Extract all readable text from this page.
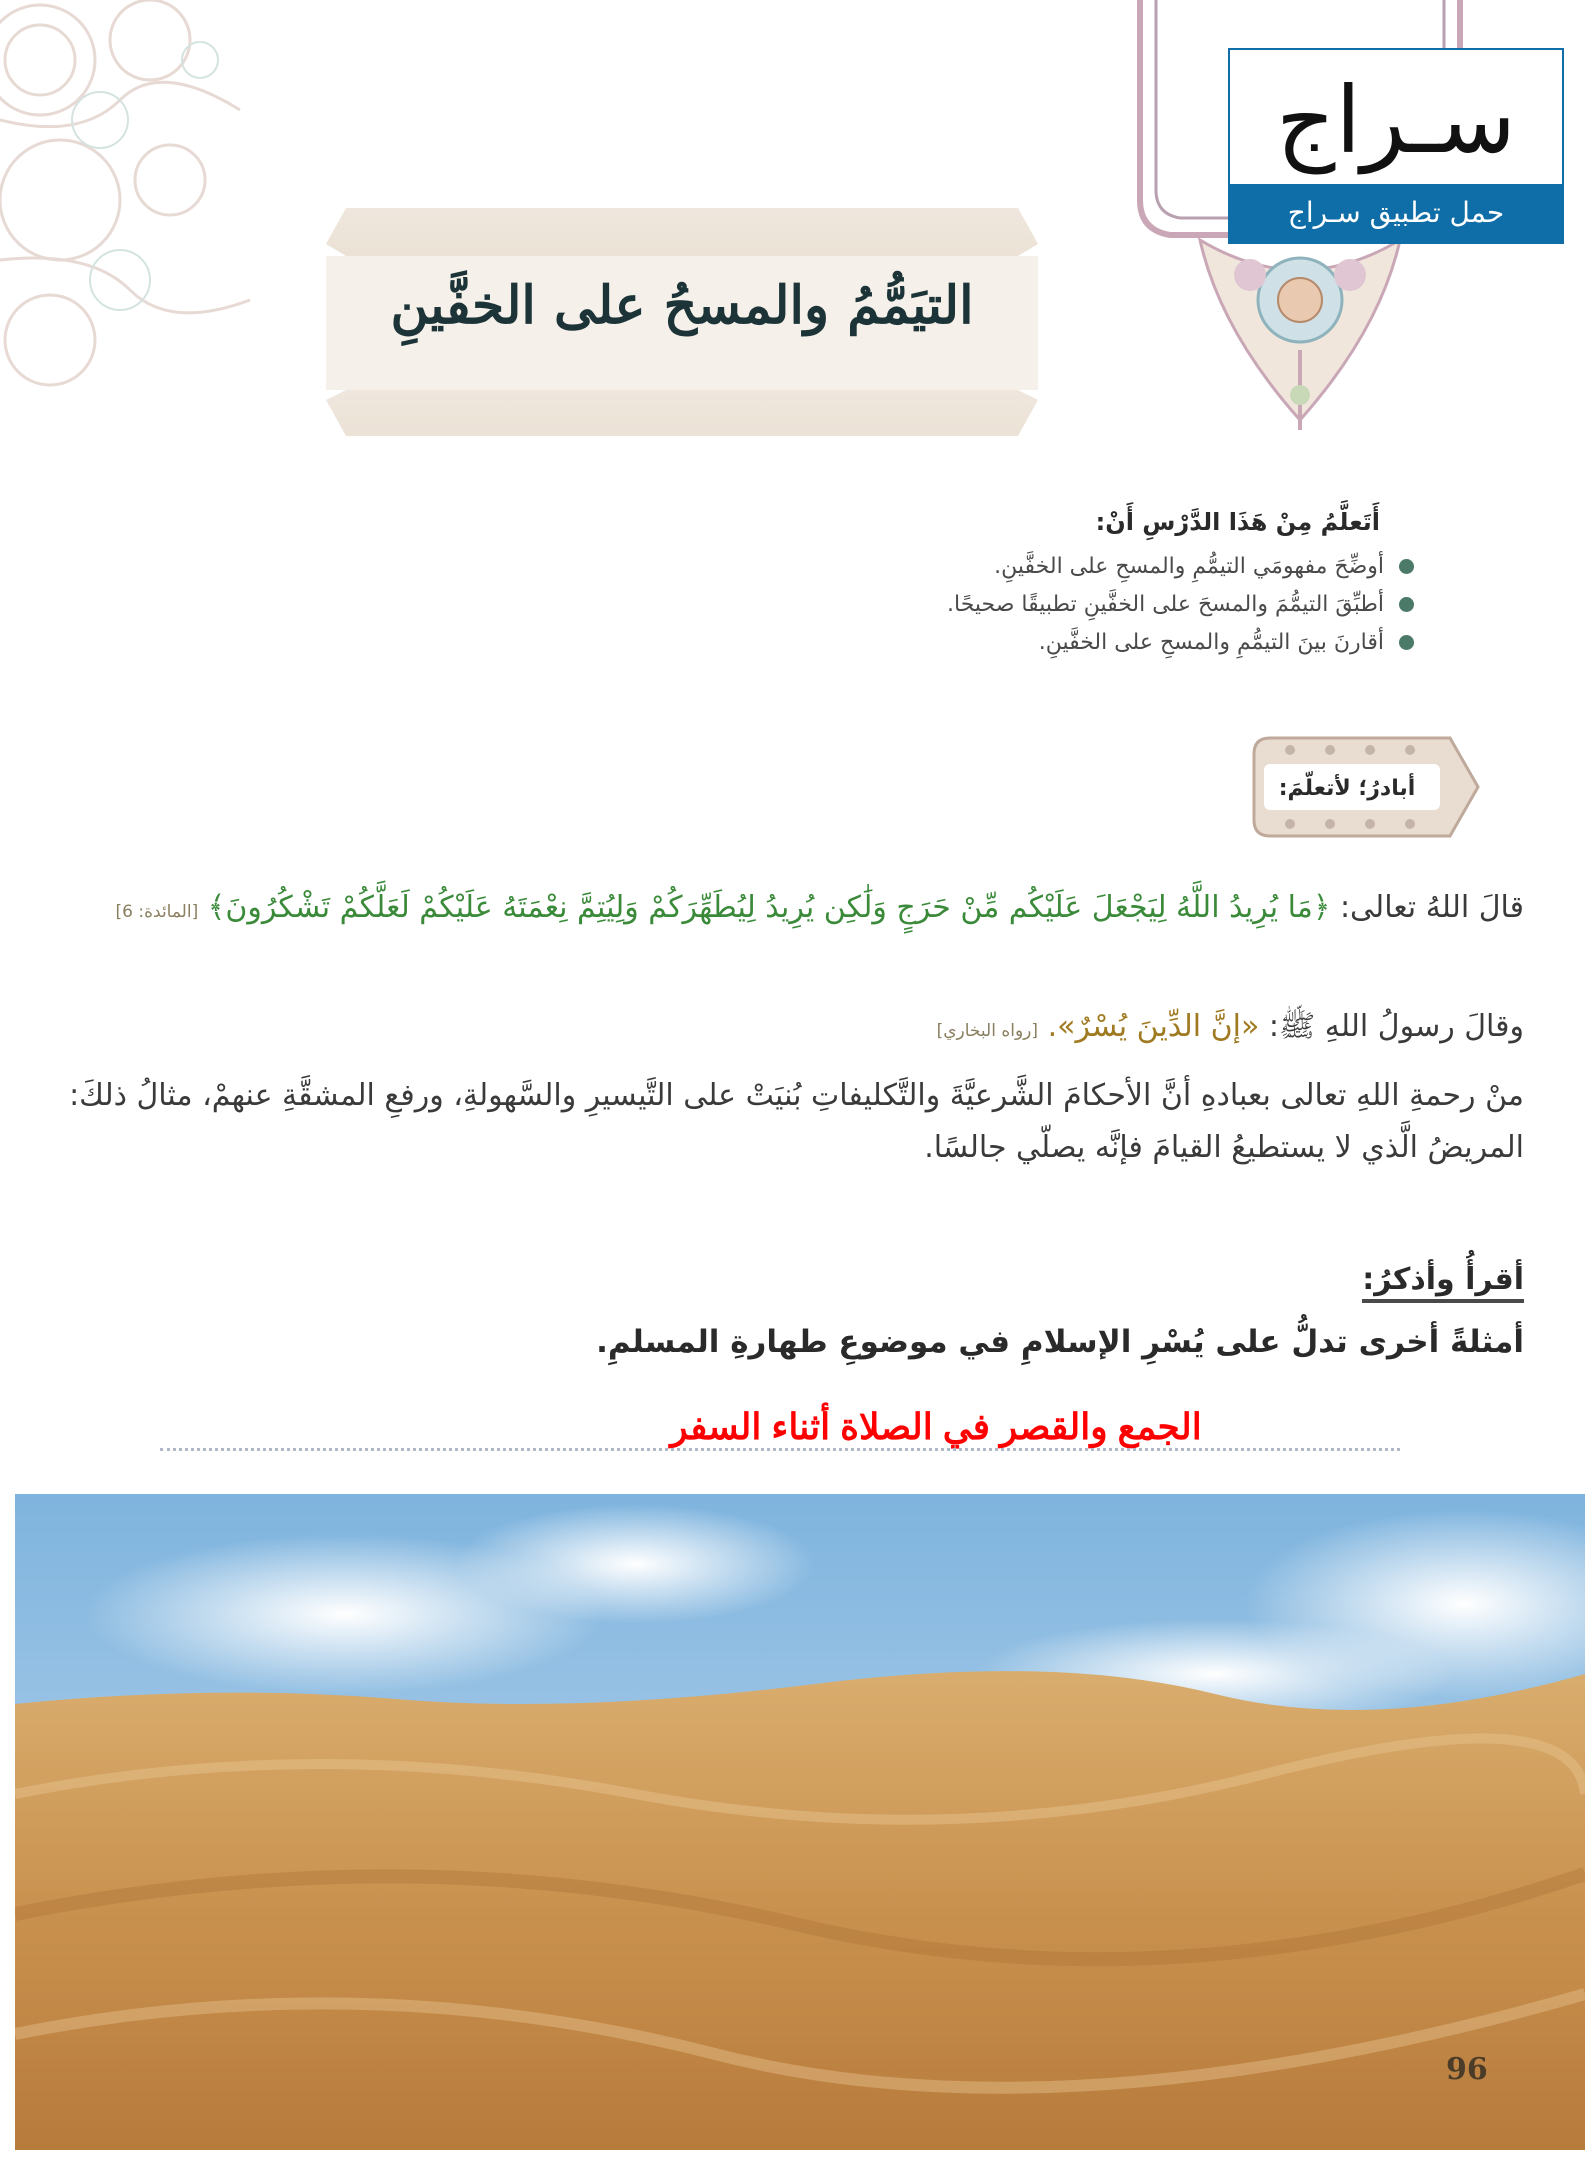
سـراج
حمل تطبيق سـراج
التيَمُّمُ والمسحُ على الخفَّينِ
أَتَعلَّمُ مِنْ هَذَا الدَّرْسِ أَنْ:
أوضِّحَ مفهومَي التيمُّمِ والمسحِ على الخفَّينِ.
أطبِّقَ التيمُّمَ والمسحَ على الخفَّينِ تطبيقًا صحيحًا.
أقارنَ بينَ التيمُّمِ والمسحِ على الخفَّينِ.
أبادرُ؛ لأتعلّمَ:
قالَ اللهُ تعالى: ﴿مَا يُرِيدُ اللَّهُ لِيَجْعَلَ عَلَيْكُم مِّنْ حَرَجٍ وَلَٰكِن يُرِيدُ لِيُطَهِّرَكُمْ وَلِيُتِمَّ نِعْمَتَهُ عَلَيْكُمْ لَعَلَّكُمْ تَشْكُرُونَ﴾ [المائدة: 6]
وقالَ رسولُ اللهِ ﷺ: «إنَّ الدِّينَ يُسْرٌ». [رواه البخاري]
منْ رحمةِ اللهِ تعالى بعبادهِ أنَّ الأحكامَ الشَّرعيَّةَ والتَّكليفاتِ بُنيَتْ على التَّيسيرِ والسَّهولةِ، ورفعِ المشقَّةِ عنهمْ، مثالُ ذلكَ: المريضُ الَّذي لا يستطيعُ القيامَ فإنَّه يصلّي جالسًا.
أقرأُ وأذكرُ:
أمثلةً أخرى تدلُّ على يُسْرِ الإسلامِ في موضوعِ طهارةِ المسلمِ.
الجمع والقصر في الصلاة أثناء السفر
96
